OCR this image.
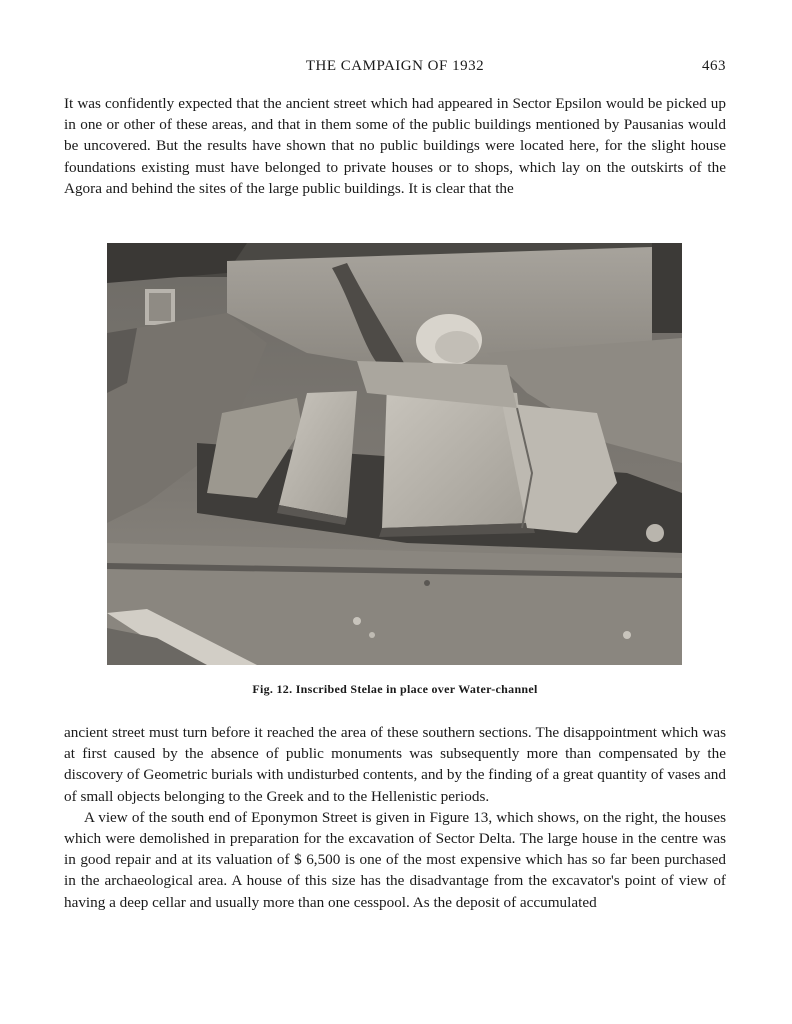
THE CAMPAIGN OF 1932	463

It was confidently expected that the ancient street which had appeared in Sector Epsilon would be picked up in one or other of these areas, and that in them some of the public buildings mentioned by Pausanias would be uncovered. But the results have shown that no public buildings were located here, for the slight house foundations existing must have belonged to private houses or to shops, which lay on the outskirts of the Agora and behind the sites of the large public buildings. It is clear that the

Fig. 12. Inscribed Stelae in place over Water-channel

ancient street must turn before it reached the area of these southern sections. The disappointment which was at first caused by the absence of public monuments was subsequently more than compensated by the discovery of Geometric burials with undisturbed contents, and by the finding of a great quantity of vases and of small objects belonging to the Greek and to the Hellenistic periods.

A view of the south end of Eponymon Street is given in Figure 13, which shows, on the right, the houses which were demolished in preparation for the excavation of Sector Delta. The large house in the centre was in good repair and at its valuation of $ 6,500 is one of the most expensive which has so far been purchased in the archaeological area. A house of this size has the disadvantage from the excavator's point of view of having a deep cellar and usually more than one cesspool. As the deposit of accumulated
